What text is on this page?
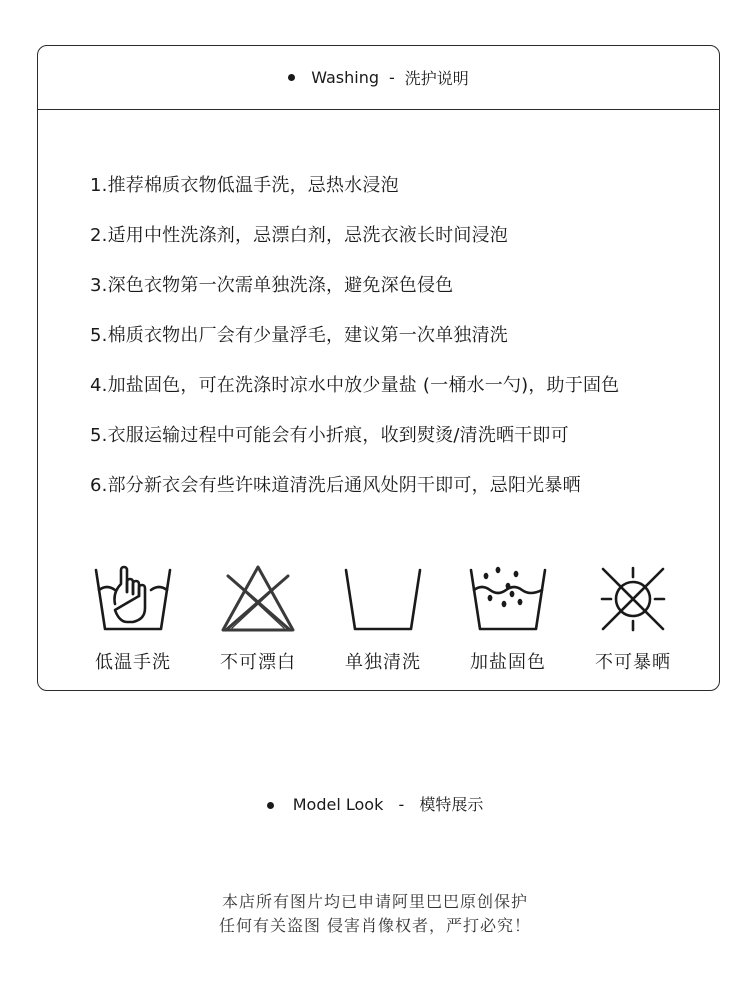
Washing - 洗护说明
1.推荐棉质衣物低温手洗，忌热水浸泡
2.适用中性洗涤剂，忌漂白剂，忌洗衣液长时间浸泡
3.深色衣物第一次需单独洗涤，避免深色侵色
5.棉质衣物出厂会有少量浮毛，建议第一次单独清洗
4.加盐固色，可在洗涤时凉水中放少量盐 (一桶水一勺)，助于固色
5.衣服运输过程中可能会有小折痕，收到熨烫/清洗晒干即可
6.部分新衣会有些许味道清洗后通风处阴干即可，忌阳光暴晒
低温手洗	不可漂白	单独清洗	加盐固色	不可暴晒
Model Look - 模特展示
本店所有图片均已申请阿里巴巴原创保护
任何有关盗图 侵害肖像权者，严打必究！
